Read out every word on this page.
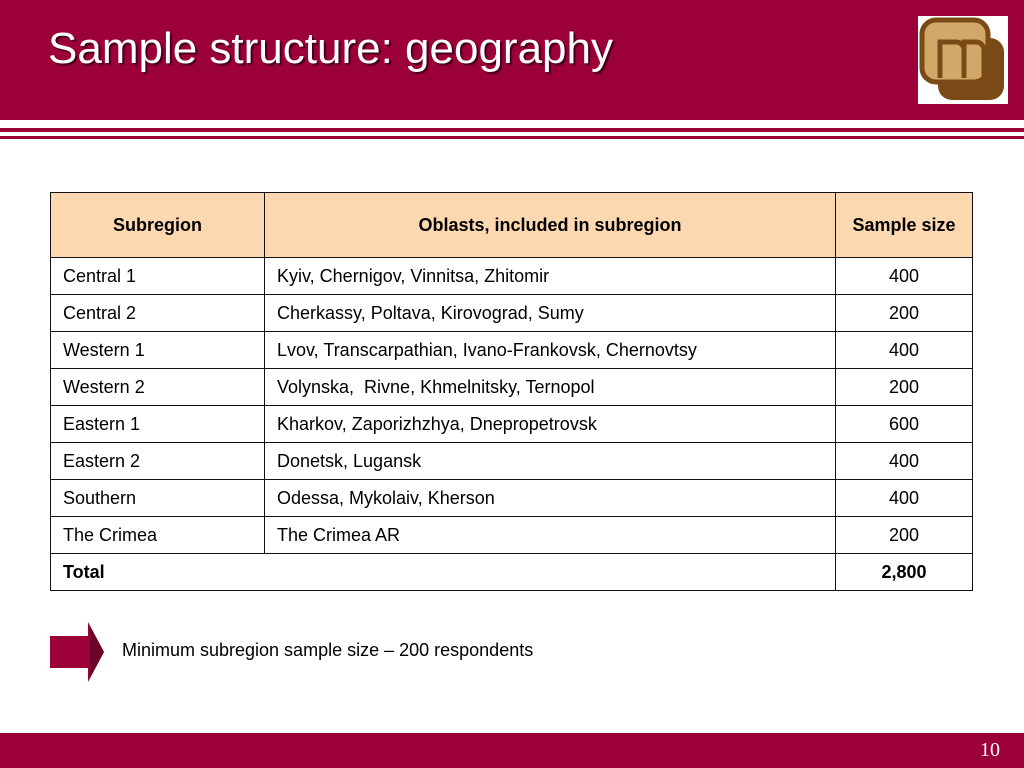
Sample structure: geography
Subregion	Oblasts, included in subregion	Sample size
Central 1	Kyiv, Chernigov, Vinnitsa, Zhitomir	400
Central 2	Cherkassy, Poltava, Kirovograd, Sumy	200
Western 1	Lvov, Transcarpathian, Ivano-Frankovsk, Chernovtsy	400
Western 2	Volynska,  Rivne, Khmelnitsky, Ternopol	200
Eastern 1	Kharkov, Zaporizhzhya, Dnepropetrovsk	600
Eastern 2	Donetsk, Lugansk	400
Southern	Odessa, Mykolaiv, Kherson	400
The Crimea	The Crimea AR	200
Total		2,800
Minimum subregion sample size – 200 respondents
10
